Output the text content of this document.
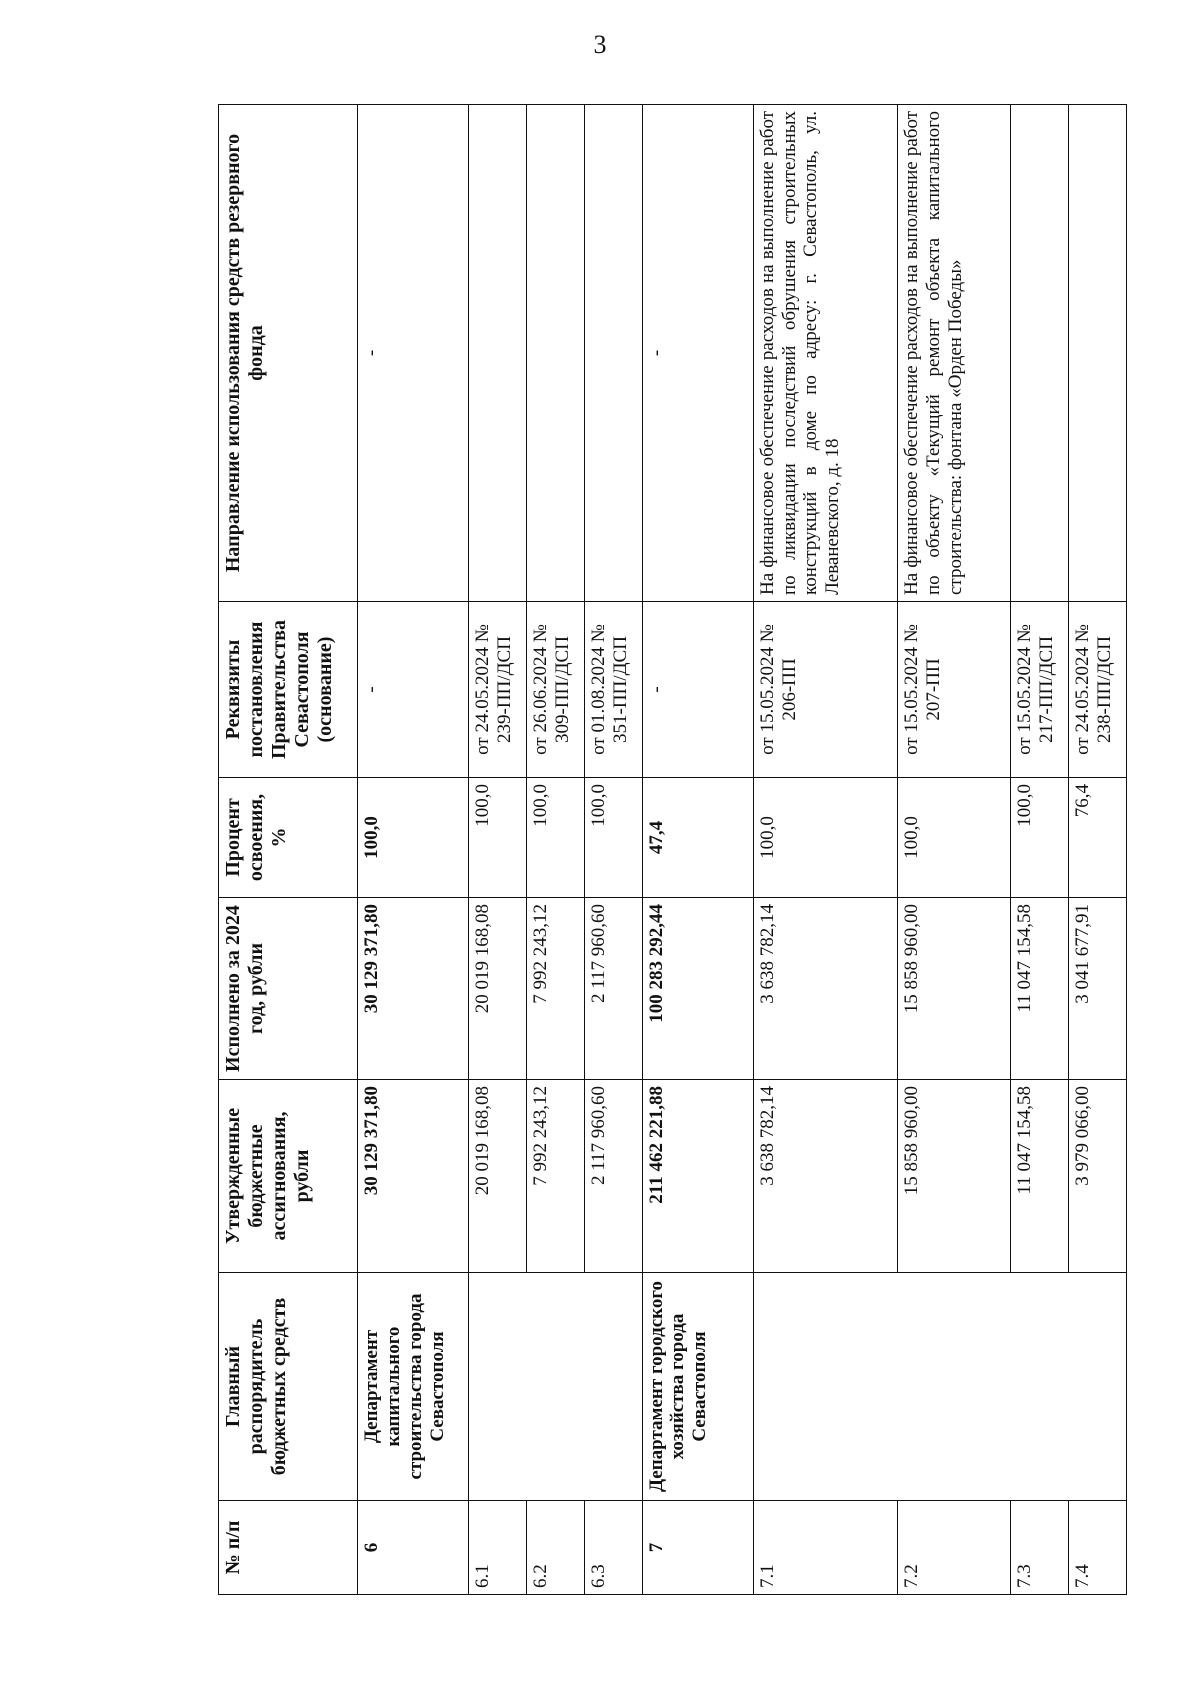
3
№ п/п	Главный распорядитель бюджетных средств	Утвержденные бюджетные ассигнования, рубли	Исполнено за 2024 год, рубли	Процент освоения, %	Реквизиты постановления Правительства Севастополя (основание)	Направление использования средств резервного фонда
6	Департамент капитального строительства города Севастополя	30 129 371,80	30 129 371,80	100,0	-	-
6.1		20 019 168,08	20 019 168,08	100,0	от 24.05.2024 № 239-ПП/ДСП	
6.2		7 992 243,12	7 992 243,12	100,0	от 26.06.2024 № 309-ПП/ДСП	
6.3		2 117 960,60	2 117 960,60	100,0	от 01.08.2024 № 351-ПП/ДСП	
7	Департамент городского хозяйства города Севастополя	211 462 221,88	100 283 292,44	47,4	-	-
7.1		3 638 782,14	3 638 782,14	100,0	от 15.05.2024 № 206-ПП	На финансовое обеспечение расходов на выполнение работ по ликвидации последствий обрушения строительных конструкций в доме по адресу: г. Севастополь, ул. Леваневского, д. 18
7.2		15 858 960,00	15 858 960,00	100,0	от 15.05.2024 № 207-ПП	На финансовое обеспечение расходов на выполнение работ по объекту «Текущий ремонт объекта капитального строительства: фонтана «Орден Победы»
7.3		11 047 154,58	11 047 154,58	100,0	от 15.05.2024 № 217-ПП/ДСП	
7.4		3 979 066,00	3 041 677,91	76,4	от 24.05.2024 № 238-ПП/ДСП	
